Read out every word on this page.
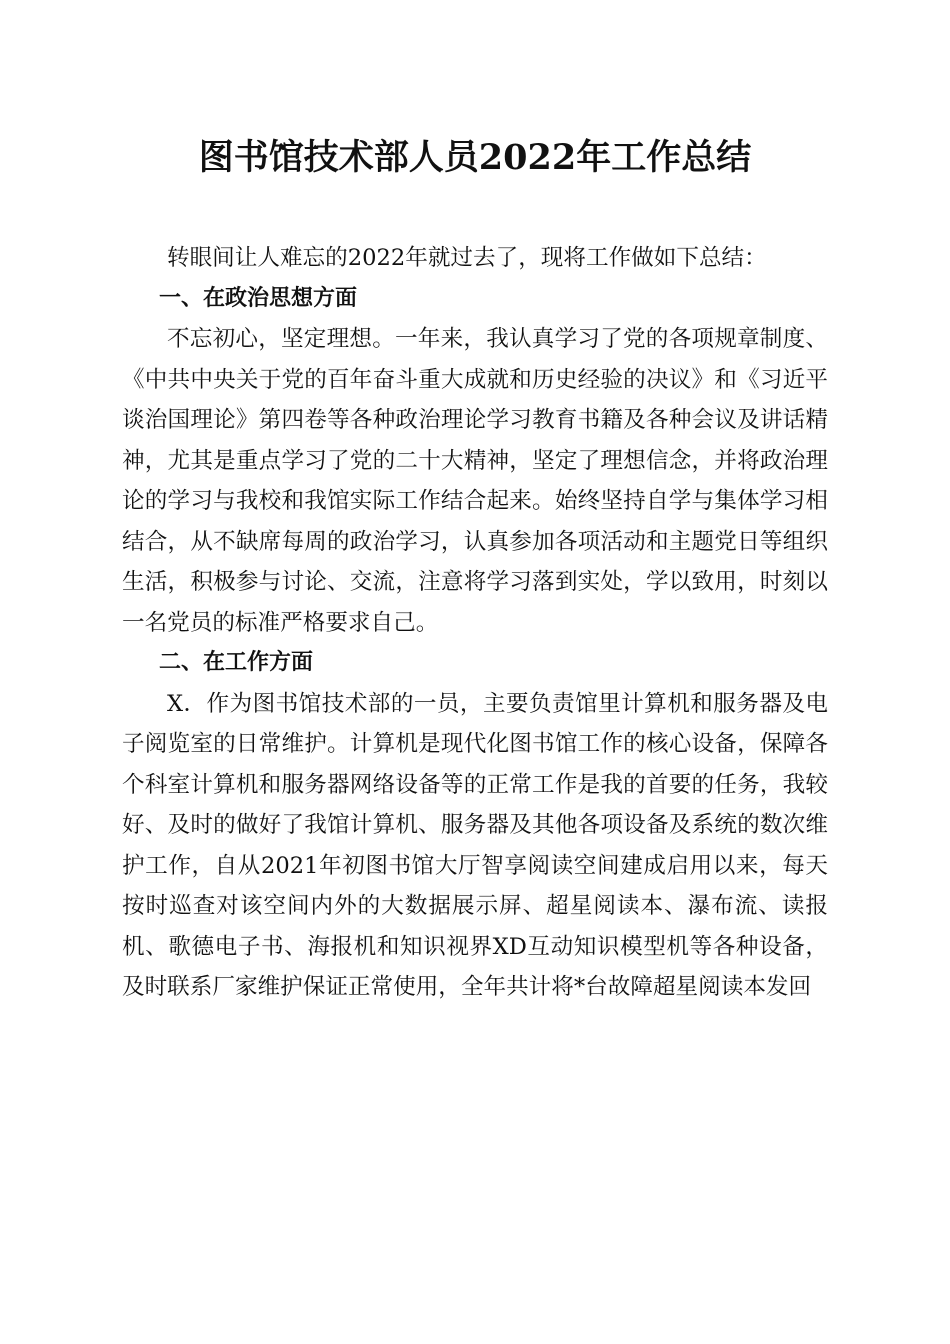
图书馆技术部人员2022年工作总结

转眼间让人难忘的2022年就过去了，现将工作做如下总结：

一、在政治思想方面

不忘初心，坚定理想。一年来，我认真学习了党的各项规章制度、《中共中央关于党的百年奋斗重大成就和历史经验的决议》和《习近平谈治国理论》第四卷等各种政治理论学习教育书籍及各种会议及讲话精神，尤其是重点学习了党的二十大精神，坚定了理想信念，并将政治理论的学习与我校和我馆实际工作结合起来。始终坚持自学与集体学习相结合，从不缺席每周的政治学习，认真参加各项活动和主题党日等组织生活，积极参与讨论、交流，注意将学习落到实处，学以致用，时刻以一名党员的标准严格要求自己。

二、在工作方面

X．作为图书馆技术部的一员，主要负责馆里计算机和服务器及电子阅览室的日常维护。计算机是现代化图书馆工作的核心设备，保障各个科室计算机和服务器网络设备等的正常工作是我的首要的任务，我较好、及时的做好了我馆计算机、服务器及其他各项设备及系统的数次维护工作，自从2021年初图书馆大厅智享阅读空间建成启用以来，每天按时巡查对该空间内外的大数据展示屏、超星阅读本、瀑布流、读报机、歌德电子书、海报机和知识视界XD互动知识模型机等各种设备，及时联系厂家维护保证正常使用，全年共计将*台故障超星阅读本发回
